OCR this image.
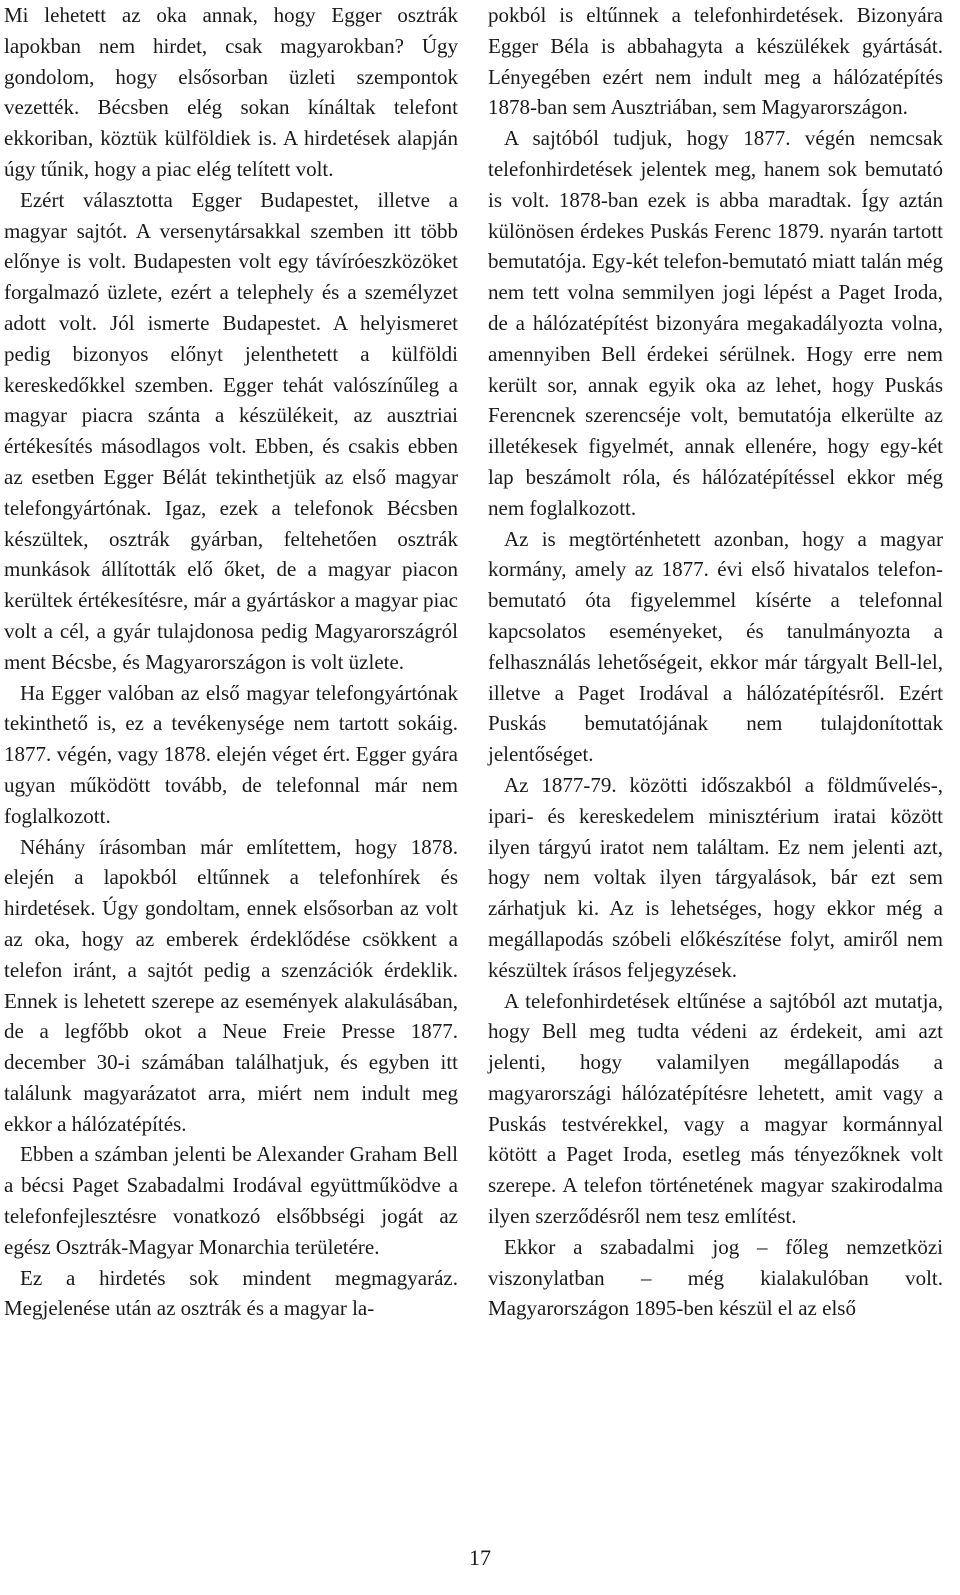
Mi lehetett az oka annak, hogy Egger osztrák lapokban nem hirdet, csak magyarokban? Úgy gondolom, hogy elsősorban üzleti szempontok vezették. Bécsben elég sokan kínáltak telefont ekkoriban, köztük külföldiek is. A hirdetések alapján úgy tűnik, hogy a piac elég telített volt.

Ezért választotta Egger Budapestet, illetve a magyar sajtót. A versenytársakkal szemben itt több előnye is volt. Budapesten volt egy távíróeszközöket forgalmazó üzlete, ezért a telephely és a személyzet adott volt. Jól ismerte Budapestet. A helyismeret pedig bizonyos előnyt jelenthetett a külföldi kereskedőkkel szemben. Egger tehát valószínűleg a magyar piacra szánta a készülékeit, az ausztriai értékesítés másodlagos volt. Ebben, és csakis ebben az esetben Egger Bélát tekinthetjük az első magyar telefongyártónak. Igaz, ezek a telefonok Bécsben készültek, osztrák gyárban, feltehetően osztrák munkások állították elő őket, de a magyar piacon kerültek értékesítésre, már a gyártáskor a magyar piac volt a cél, a gyár tulajdonosa pedig Magyarországról ment Bécsbe, és Magyarországon is volt üzlete.

Ha Egger valóban az első magyar telefongyártónak tekinthető is, ez a tevékenysége nem tartott sokáig. 1877. végén, vagy 1878. elején véget ért. Egger gyára ugyan működött tovább, de telefonnal már nem foglalkozott.

Néhány írásomban már említettem, hogy 1878. elején a lapokból eltűnnek a telefonhírek és hirdetések. Úgy gondoltam, ennek elsősorban az volt az oka, hogy az emberek érdeklődése csökkent a telefon iránt, a sajtót pedig a szenzációk érdeklik. Ennek is lehetett szerepe az események alakulásában, de a legfőbb okot a Neue Freie Presse 1877. december 30-i számában találhatjuk, és egyben itt találunk magyarázatot arra, miért nem indult meg ekkor a hálózatépítés.

Ebben a számban jelenti be Alexander Graham Bell a bécsi Paget Szabadalmi Irodával együttműködve a telefonfejlesztésre vonatkozó elsőbbségi jogát az egész Osztrák-Magyar Monarchia területére.

Ez a hirdetés sok mindent megmagyaráz. Megjelenése után az osztrák és a magyar la-

pokból is eltűnnek a telefonhirdetések. Bizonyára Egger Béla is abbahagyta a készülékek gyártását. Lényegében ezért nem indult meg a hálózatépítés 1878-ban sem Ausztriában, sem Magyarországon.

A sajtóból tudjuk, hogy 1877. végén nemcsak telefonhirdetések jelentek meg, hanem sok bemutató is volt. 1878-ban ezek is abba maradtak. Így aztán különösen érdekes Puskás Ferenc 1879. nyarán tartott bemutatója. Egy-két telefon-bemutató miatt talán még nem tett volna semmilyen jogi lépést a Paget Iroda, de a hálózatépítést bizonyára megakadályozta volna, amennyiben Bell érdekei sérülnek. Hogy erre nem került sor, annak egyik oka az lehet, hogy Puskás Ferencnek szerencséje volt, bemutatója elkerülte az illetékesek figyelmét, annak ellenére, hogy egy-két lap beszámolt róla, és hálózatépítéssel ekkor még nem foglalkozott.

Az is megtörténhetett azonban, hogy a magyar kormány, amely az 1877. évi első hivatalos telefon-bemutató óta figyelemmel kísérte a telefonnal kapcsolatos eseményeket, és tanulmányozta a felhasználás lehetőségeit, ekkor már tárgyalt Bell-lel, illetve a Paget Irodával a hálózatépítésről. Ezért Puskás bemutatójának nem tulajdonítottak jelentőséget.

Az 1877-79. közötti időszakból a földművelés-, ipari- és kereskedelem minisztérium iratai között ilyen tárgyú iratot nem találtam. Ez nem jelenti azt, hogy nem voltak ilyen tárgyalások, bár ezt sem zárhatjuk ki. Az is lehetséges, hogy ekkor még a megállapodás szóbeli előkészítése folyt, amiről nem készültek írásos feljegyzések.

A telefonhirdetések eltűnése a sajtóból azt mutatja, hogy Bell meg tudta védeni az érdekeit, ami azt jelenti, hogy valamilyen megállapodás a magyarországi hálózatépítésre lehetett, amit vagy a Puskás testvérekkel, vagy a magyar kormánnyal kötött a Paget Iroda, esetleg más tényezőknek volt szerepe. A telefon történetének magyar szakirodalma ilyen szerződésről nem tesz említést.

Ekkor a szabadalmi jog – főleg nemzetközi viszonylatban – még kialakulóban volt. Magyarországon 1895-ben készül el az első

17
